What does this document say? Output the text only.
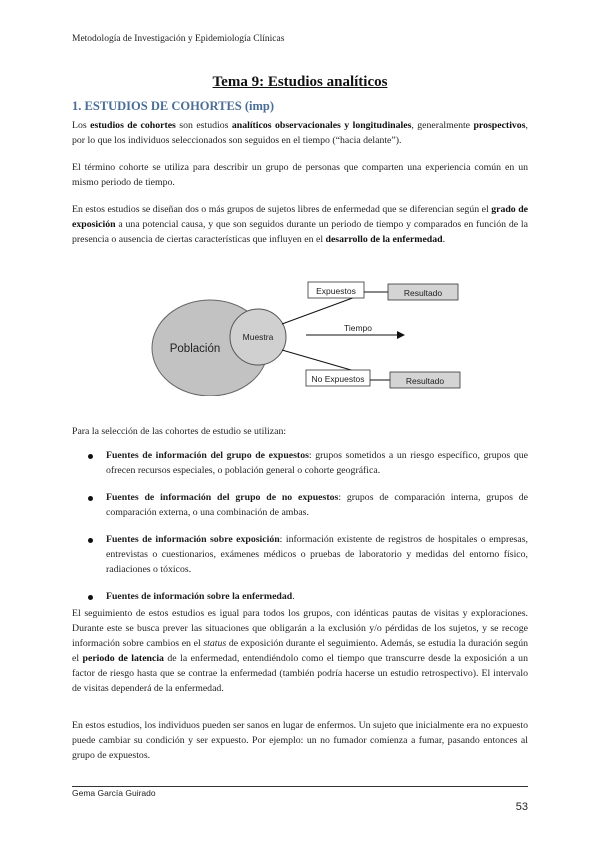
Metodología de Investigación y Epidemiología Clínicas
Tema 9: Estudios analíticos
1. ESTUDIOS DE COHORTES (imp)

Los estudios de cohortes son estudios analíticos observacionales y longitudinales, generalmente prospectivos, por lo que los individuos seleccionados son seguidos en el tiempo (“hacia delante”).

El término cohorte se utiliza para describir un grupo de personas que comparten una experiencia común en un mismo periodo de tiempo.

En estos estudios se diseñan dos o más grupos de sujetos libres de enfermedad que se diferencian según el grado de exposición a una potencial causa, y que son seguidos durante un periodo de tiempo y comparados en función de la presencia o ausencia de ciertas características que influyen en el desarrollo de la enfermedad.

Población
Muestra
Expuestos	Resultado
Tiempo
No Expuestos	Resultado

Para la selección de las cohortes de estudio se utilizan:

Fuentes de información del grupo de expuestos: grupos sometidos a un riesgo específico, grupos que ofrecen recursos especiales, o población general o cohorte geográfica.
Fuentes de información del grupo de no expuestos: grupos de comparación interna, grupos de comparación externa, o una combinación de ambas.
Fuentes de información sobre exposición: información existente de registros de hospitales o empresas, entrevistas o cuestionarios, exámenes médicos o pruebas de laboratorio y medidas del entorno físico, radiaciones o tóxicos.
Fuentes de información sobre la enfermedad.

El seguimiento de estos estudios es igual para todos los grupos, con idénticas pautas de visitas y exploraciones. Durante este se busca prever las situaciones que obligarán a la exclusión y/o pérdidas de los sujetos, y se recoge información sobre cambios en el status de exposición durante el seguimiento. Además, se estudia la duración según el periodo de latencia de la enfermedad, entendiéndolo como el tiempo que transcurre desde la exposición a un factor de riesgo hasta que se contrae la enfermedad (también podría hacerse un estudio retrospectivo). El intervalo de visitas dependerá de la enfermedad.

En estos estudios, los individuos pueden ser sanos en lugar de enfermos. Un sujeto que inicialmente era no expuesto puede cambiar su condición y ser expuesto. Por ejemplo: un no fumador comienza a fumar, pasando entonces al grupo de expuestos.

Gema García Guirado
53
